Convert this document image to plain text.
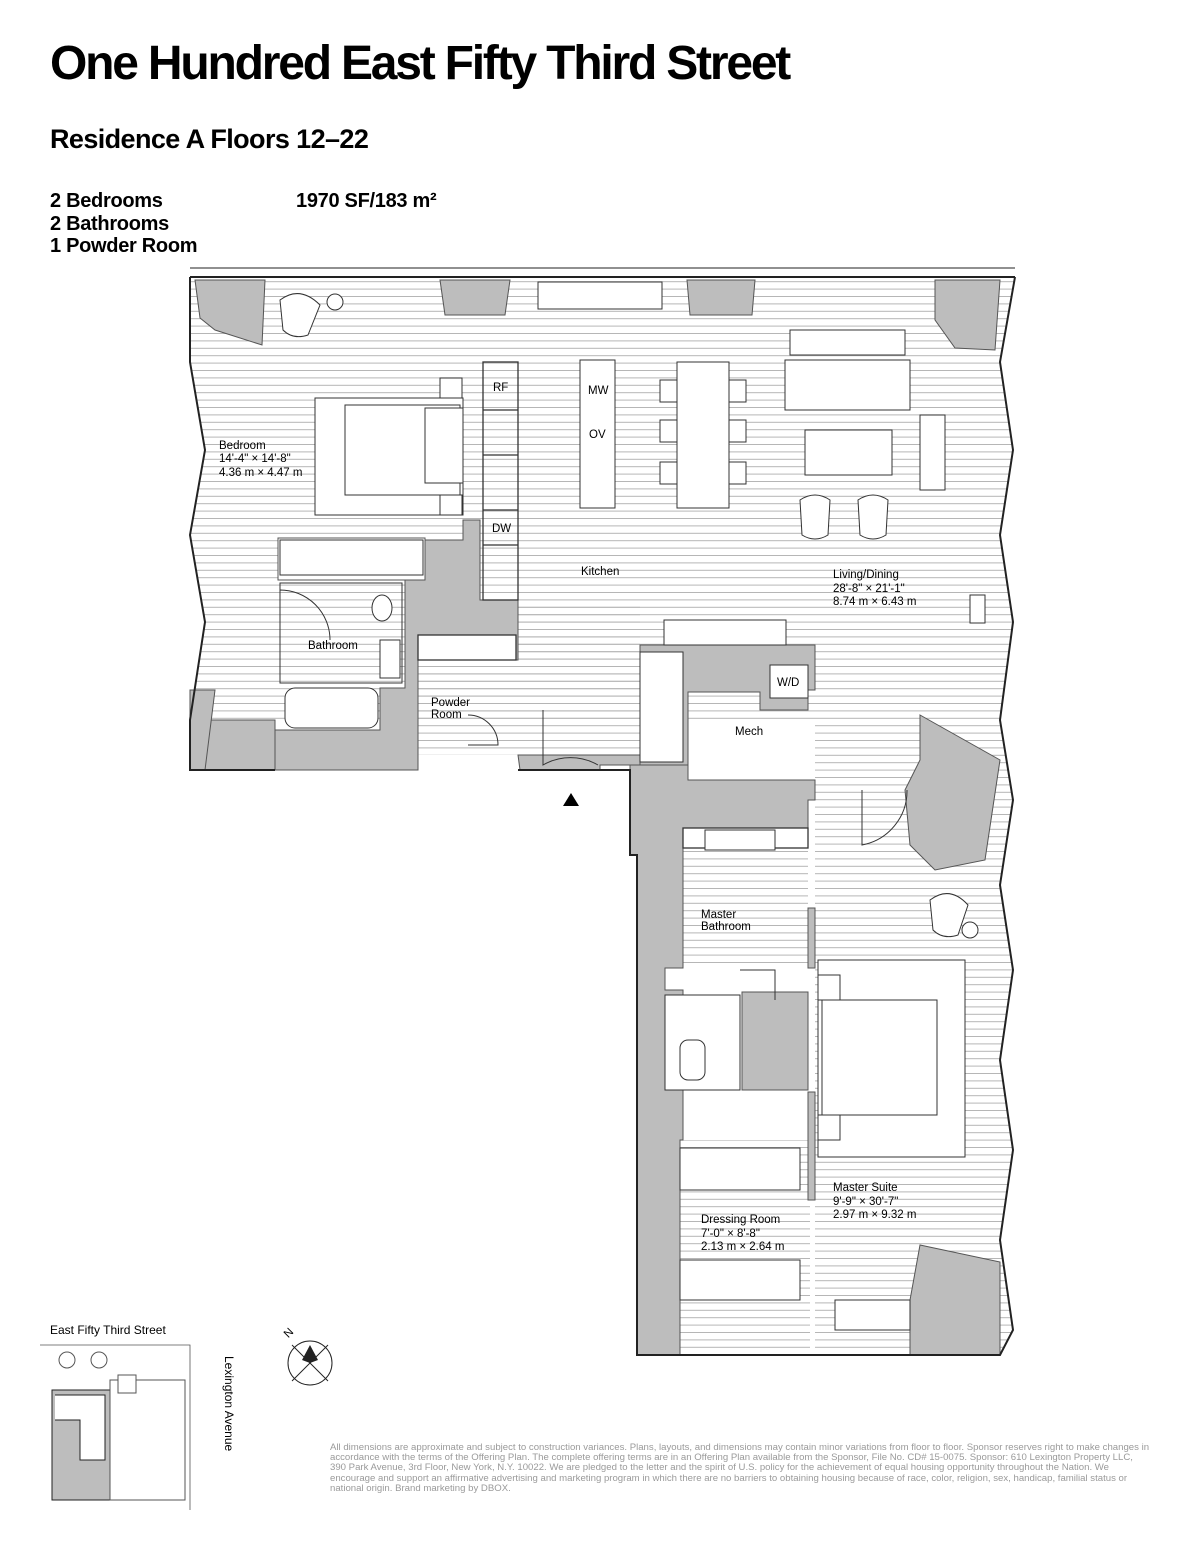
One Hundred East Fifty Third Street
Residence A Floors 12–22
2 Bedrooms
2 Bathrooms
1 Powder Room
1970 SF/183 m²
Bedroom
14'-4" × 14'-8"
4.36 m × 4.47 m
Bathroom
Powder
Room
Kitchen	Living/Dining
28'-8" × 21'-1"
8.74 m × 6.43 m
Mech
Master
Bathroom
Master Suite
9'-9" × 30'-7"
2.97 m × 9.32 m
Dressing Room
7'-0" × 8'-8"
2.13 m × 2.64 m
RF	MW
OV
DW
W/D
N
East Fifty Third Street
Lexington Avenue	All dimensions are approximate and subject to construction variances. Plans, layouts, and dimensions may contain minor variations from floor to floor. Sponsor reserves right to make changes in accordance with the terms of the Offering Plan. The complete offering terms are in an Offering Plan available from the Sponsor, File No. CD# 15-0075. Sponsor: 610 Lexington Property LLC, 390 Park Avenue, 3rd Floor, New York, N.Y. 10022. We are pledged to the letter and the spirit of U.S. policy for the achievement of equal housing opportunity throughout the Nation. We encourage and support an affirmative advertising and marketing program in which there are no barriers to obtaining housing because of race, color, religion, sex, handicap, familial status or national origin. Brand marketing by DBOX.
